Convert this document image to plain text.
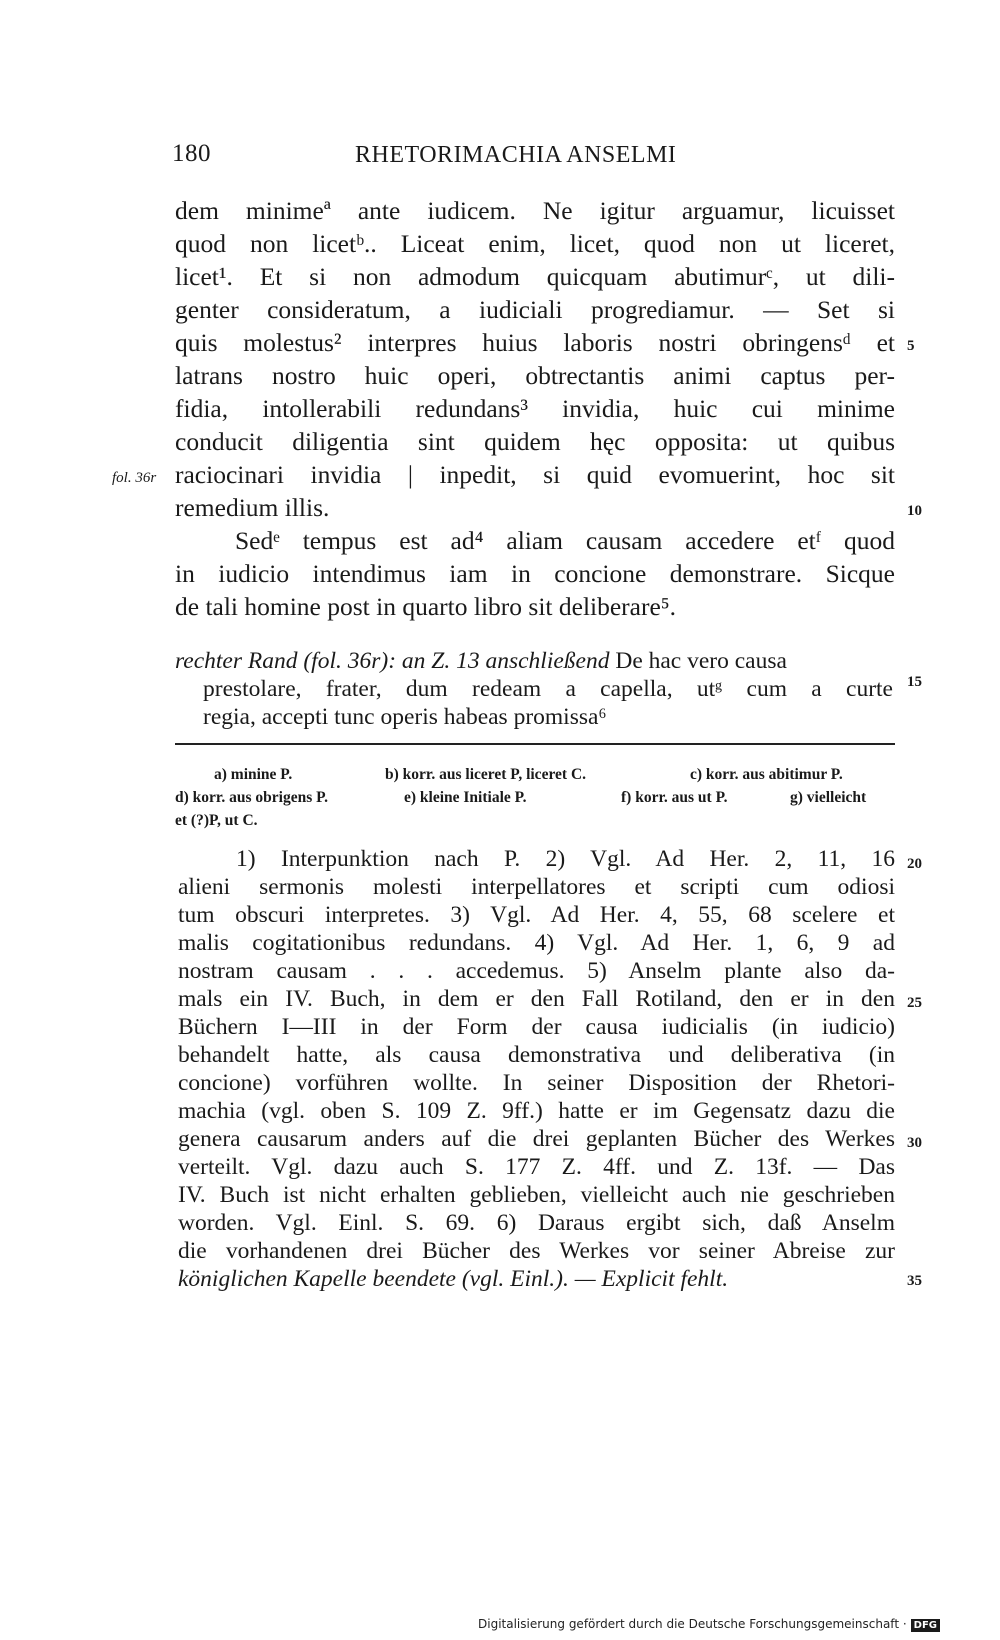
180	RHETORIMACHIA ANSELMI
dem minimeª ante iudicem. Ne igitur arguamur, licuisset
quod non licetᵇ.. Liceat enim, licet, quod non ut liceret,
licet¹. Et si non admodum quicquam abutimurᶜ, ut dili-
genter consideratum, a iudiciali progrediamur. — Set si
quis molestus² interpres huius laboris nostri obringensᵈ et
latrans nostro huic operi, obtrectantis animi captus per-
fidia, intollerabili redundans³ invidia, huic cui minime
conducit diligentia sint quidem hęc opposita: ut quibus
raciocinari invidia | inpedit, si quid evomuerint, hoc sit
remedium illis.
Sedᵉ tempus est ad⁴ aliam causam accedere etᶠ quod
in iudicio intendimus iam in concione demonstrare. Sicque
de tali homine post in quarto libro sit deliberare⁵.
fol. 36r
5
10
15
20
25
30
35
rechter Rand (fol. 36r): an Z. 13 anschließend De hac vero causa
prestolare, frater, dum redeam a capella, utᵍ cum a curte
regia, accepti tunc operis habeas promissa⁶
a) minine P.	b) korr. aus liceret P, liceret C.	c) korr. aus abitimur P.
d) korr. aus obrigens P.	e) kleine Initiale P.	f) korr. aus ut P.	g) vielleicht
et (?)P, ut C.
1) Interpunktion nach P. 2) Vgl. Ad Her. 2, 11, 16
alieni sermonis molesti interpellatores et scripti cum odiosi
tum obscuri interpretes. 3) Vgl. Ad Her. 4, 55, 68 scelere et
malis cogitationibus redundans. 4) Vgl. Ad Her. 1, 6, 9 ad
nostram causam . . . accedemus. 5) Anselm plante also da-
mals ein IV. Buch, in dem er den Fall Rotiland, den er in den
Büchern I—III in der Form der causa iudicialis (in iudicio)
behandelt hatte, als causa demonstrativa und deliberativa (in
concione) vorführen wollte. In seiner Disposition der Rhetori-
machia (vgl. oben S. 109 Z. 9ff.) hatte er im Gegensatz dazu die
genera causarum anders auf die drei geplanten Bücher des Werkes
verteilt. Vgl. dazu auch S. 177 Z. 4ff. und Z. 13f. — Das
IV. Buch ist nicht erhalten geblieben, vielleicht auch nie geschrieben
worden. Vgl. Einl. S. 69. 6) Daraus ergibt sich, daß Anselm
die vorhandenen drei Bücher des Werkes vor seiner Abreise zur
königlichen Kapelle beendete (vgl. Einl.). — Explicit fehlt.
Digitalisierung gefördert durch die Deutsche Forschungsgemeinschaft · DFG
